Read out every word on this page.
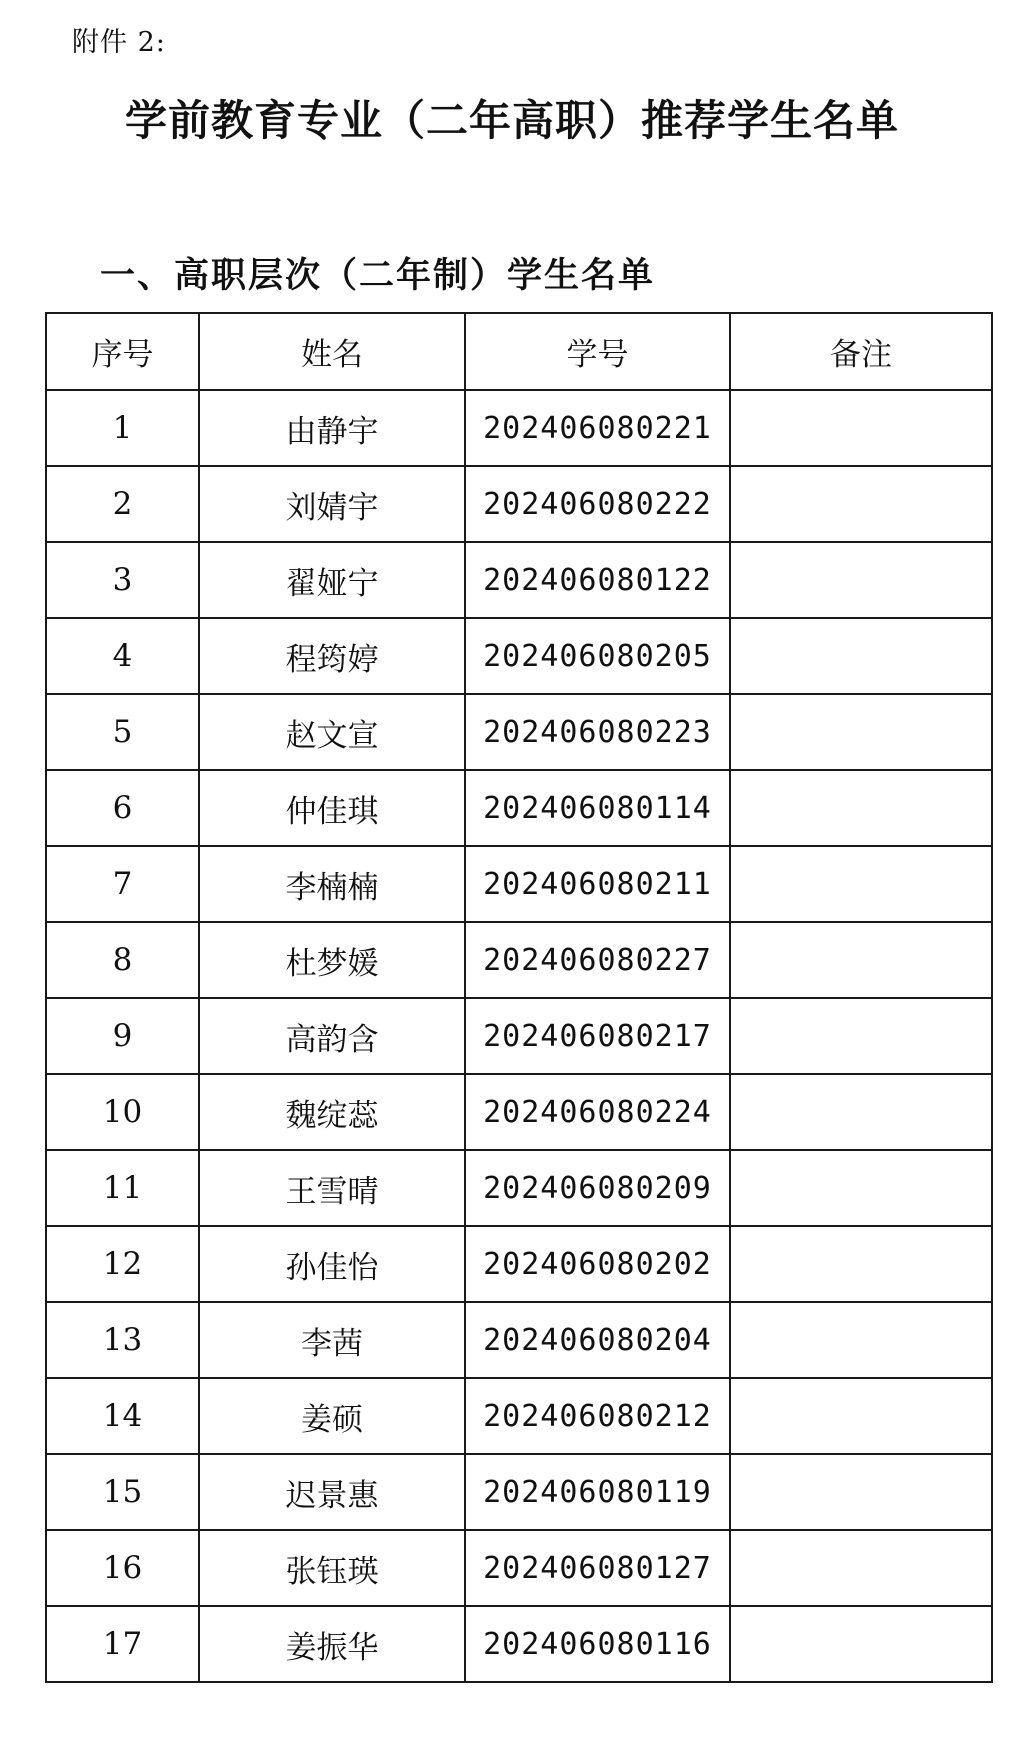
附件 2:
学前教育专业（二年高职）推荐学生名单
一、高职层次（二年制）学生名单
序号	姓名	学号	备注
1	由静宇	202406080221	
2	刘婧宇	202406080222	
3	翟娅宁	202406080122	
4	程筠婷	202406080205	
5	赵文宣	202406080223	
6	仲佳琪	202406080114	
7	李楠楠	202406080211	
8	杜梦媛	202406080227	
9	高韵含	202406080217	
10	魏绽蕊	202406080224	
11	王雪晴	202406080209	
12	孙佳怡	202406080202	
13	李茜	202406080204	
14	姜硕	202406080212	
15	迟景惠	202406080119	
16	张钰瑛	202406080127	
17	姜振华	202406080116	
